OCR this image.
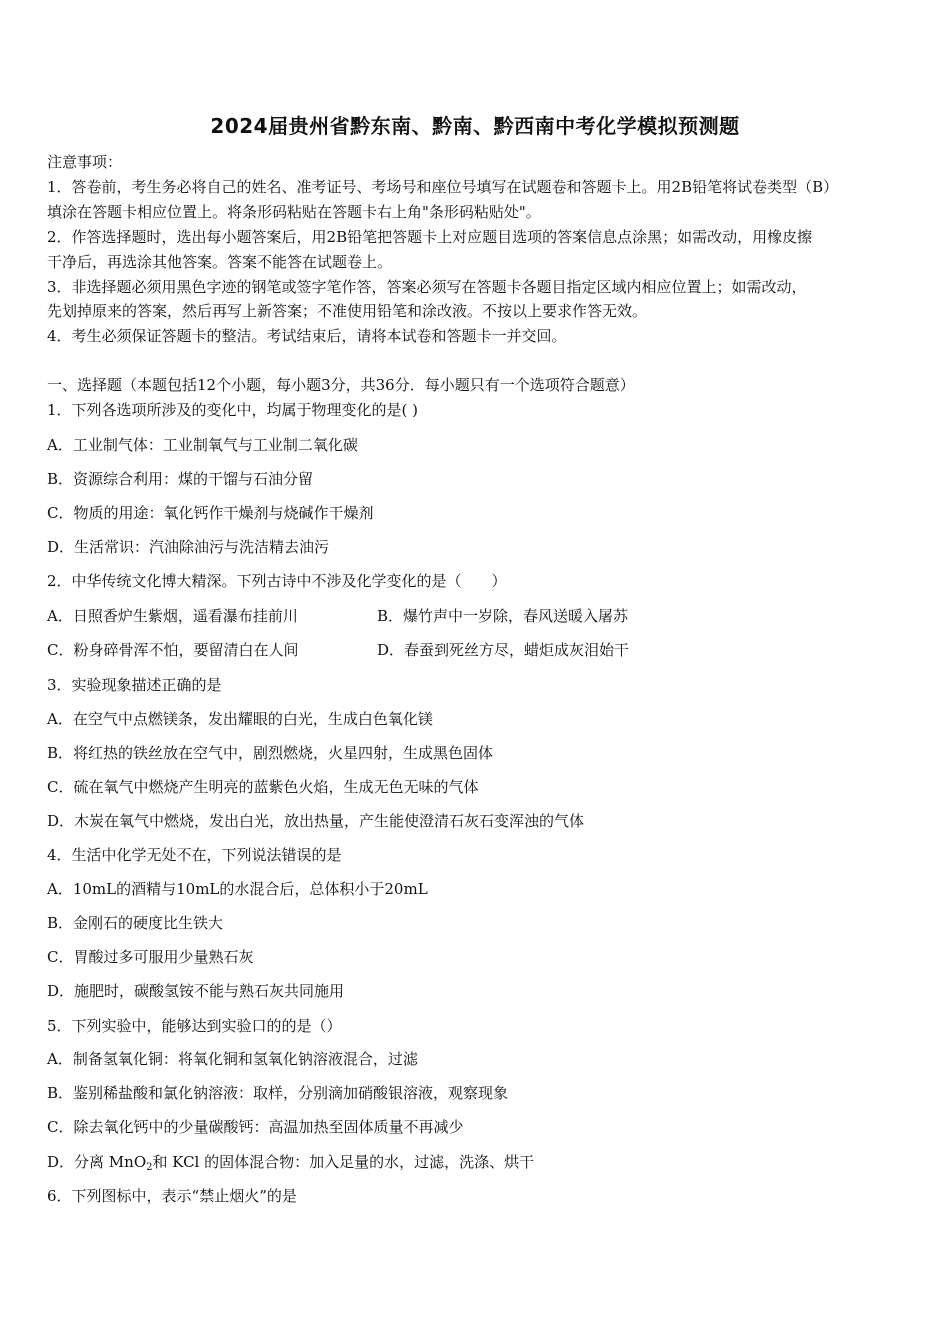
2024届贵州省黔东南、黔南、黔西南中考化学模拟预测题
注意事项：
1．答卷前，考生务必将自己的姓名、准考证号、考场号和座位号填写在试题卷和答题卡上。用2B铅笔将试卷类型（B）
填涂在答题卡相应位置上。将条形码粘贴在答题卡右上角"条形码粘贴处"。
2．作答选择题时，选出每小题答案后，用2B铅笔把答题卡上对应题目选项的答案信息点涂黑；如需改动，用橡皮擦
干净后，再选涂其他答案。答案不能答在试题卷上。
3．非选择题必须用黑色字迹的钢笔或签字笔作答，答案必须写在答题卡各题目指定区域内相应位置上；如需改动，
先划掉原来的答案，然后再写上新答案；不准使用铅笔和涂改液。不按以上要求作答无效。
4．考生必须保证答题卡的整洁。考试结束后，请将本试卷和答题卡一并交回。
一、选择题（本题包括12个小题，每小题3分，共36分．每小题只有一个选项符合题意）
1．下列各选项所涉及的变化中，均属于物理变化的是( )
A．工业制气体：工业制氧气与工业制二氧化碳
B．资源综合利用：煤的干馏与石油分留
C．物质的用途：氧化钙作干燥剂与烧碱作干燥剂
D．生活常识：汽油除油污与洗洁精去油污
2．中华传统文化博大精深。下列古诗中不涉及化学变化的是（　　）
A．日照香炉生紫烟，遥看瀑布挂前川	B．爆竹声中一岁除，春风送暖入屠苏
C．粉身碎骨浑不怕，要留清白在人间	D．春蚕到死丝方尽，蜡炬成灰泪始干
3．实验现象描述正确的是
A．在空气中点燃镁条，发出耀眼的白光，生成白色氧化镁
B．将红热的铁丝放在空气中，剧烈燃烧，火星四射，生成黑色固体
C．硫在氧气中燃烧产生明亮的蓝紫色火焰，生成无色无味的气体
D．木炭在氧气中燃烧，发出白光，放出热量，产生能使澄清石灰石变浑浊的气体
4．生活中化学无处不在，下列说法错误的是
A．10mL的酒精与10mL的水混合后，总体积小于20mL
B．金刚石的硬度比生铁大
C．胃酸过多可服用少量熟石灰
D．施肥时，碳酸氢铵不能与熟石灰共同施用
5．下列实验中，能够达到实验口的的是（）
A．制备氢氧化铜：将氧化铜和氢氧化钠溶液混合，过滤
B．鉴别稀盐酸和氯化钠溶液：取样，分别滴加硝酸银溶液，观察现象
C．除去氧化钙中的少量碳酸钙：高温加热至固体质量不再减少
D．分离 MnO$_2$和 KCl 的固体混合物：加入足量的水，过滤，洗涤、烘干
6．下列图标中，表示“禁止烟火”的是
